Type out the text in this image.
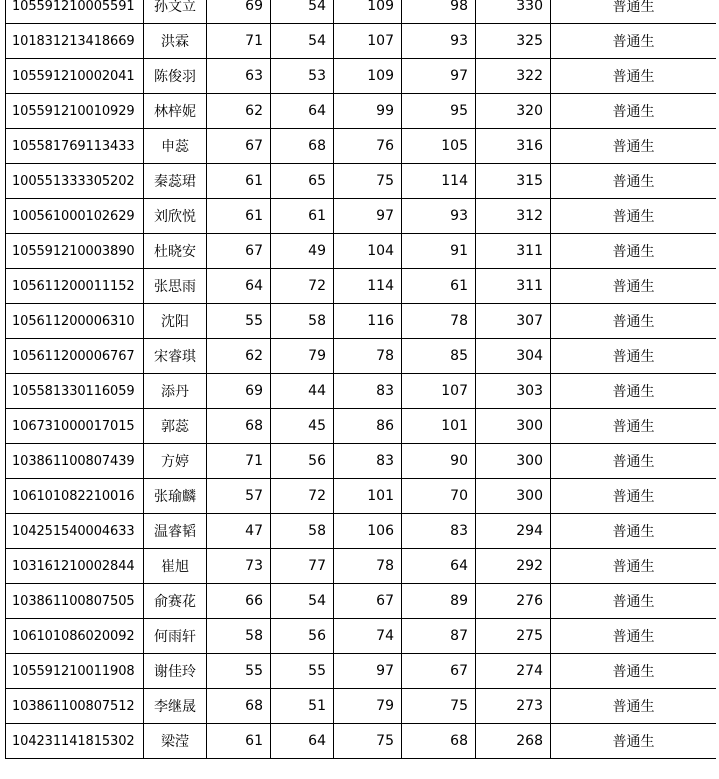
105591210005591	孙文立	69	54	109	98	330	普通生
101831213418669	洪霖	71	54	107	93	325	普通生
105591210002041	陈俊羽	63	53	109	97	322	普通生
105591210010929	林梓妮	62	64	99	95	320	普通生
105581769113433	申蕊	67	68	76	105	316	普通生
100551333305202	秦蕊珺	61	65	75	114	315	普通生
100561000102629	刘欣悦	61	61	97	93	312	普通生
105591210003890	杜晓安	67	49	104	91	311	普通生
105611200011152	张思雨	64	72	114	61	311	普通生
105611200006310	沈阳	55	58	116	78	307	普通生
105611200006767	宋睿琪	62	79	78	85	304	普通生
105581330116059	添丹	69	44	83	107	303	普通生
106731000017015	郭蕊	68	45	86	101	300	普通生
103861100807439	方婷	71	56	83	90	300	普通生
106101082210016	张瑜麟	57	72	101	70	300	普通生
104251540004633	温睿韬	47	58	106	83	294	普通生
103161210002844	崔旭	73	77	78	64	292	普通生
103861100807505	俞赛花	66	54	67	89	276	普通生
106101086020092	何雨轩	58	56	74	87	275	普通生
105591210011908	谢佳玲	55	55	97	67	274	普通生
103861100807512	李继晟	68	51	79	75	273	普通生
104231141815302	梁滢	61	64	75	68	268	普通生
